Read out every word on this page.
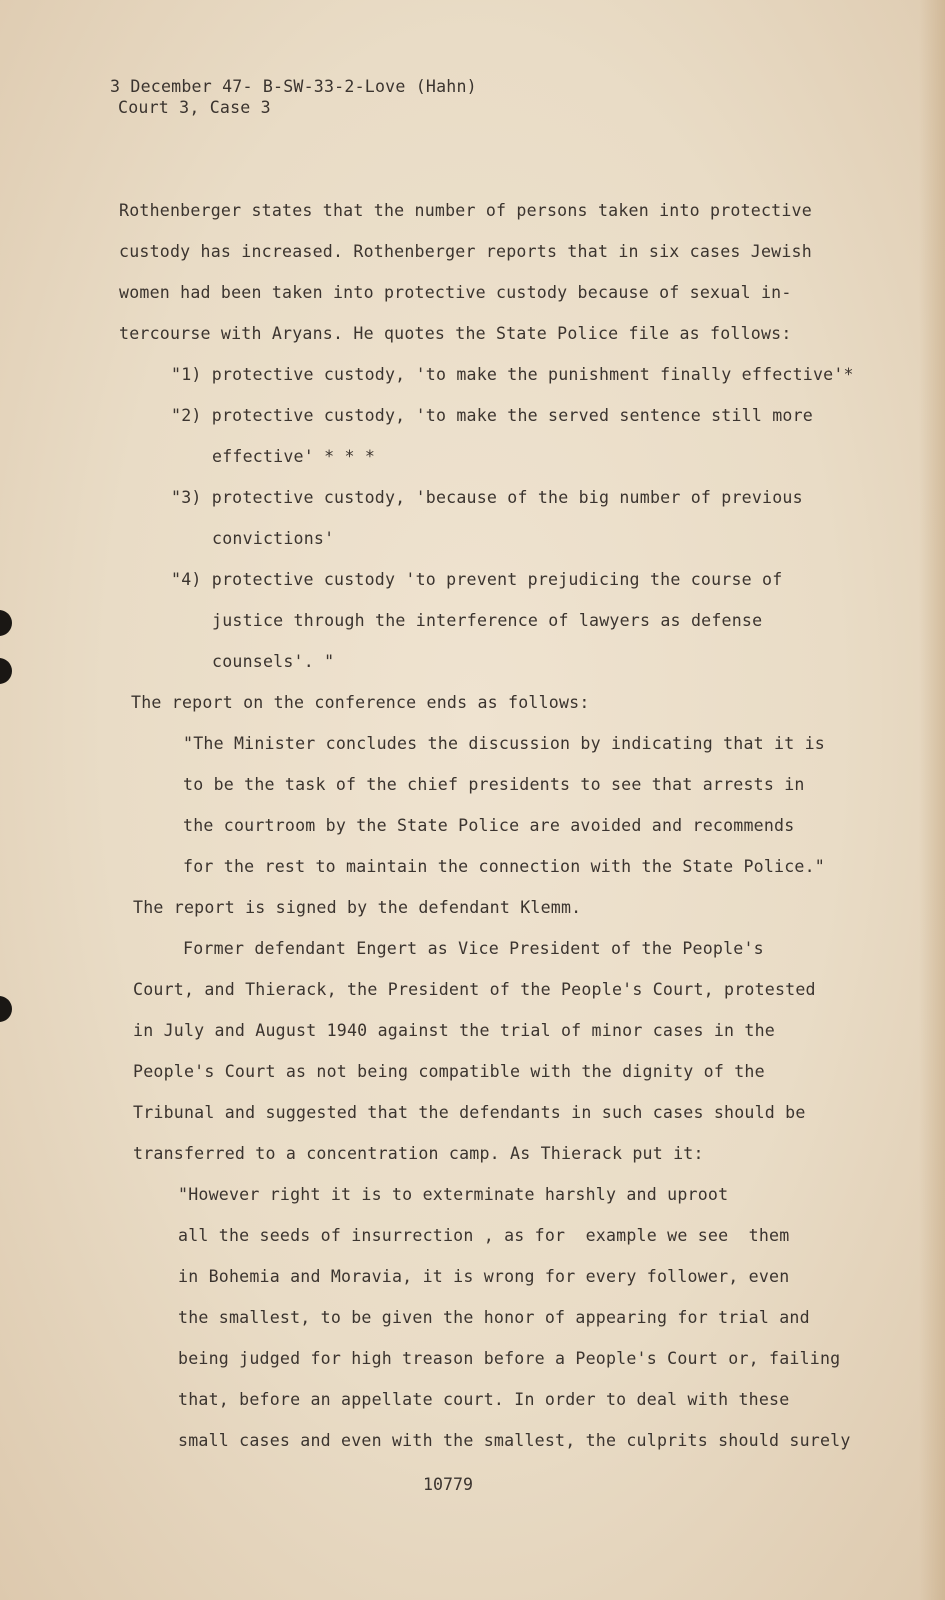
3 December 47- B-SW-33-2-Love (Hahn)
Court 3, Case 3
Rothenberger states that the number of persons taken into protective
custody has increased. Rothenberger reports that in six cases Jewish
women had been taken into protective custody because of sexual in-
tercourse with Aryans. He quotes the State Police file as follows:
"1) protective custody, 'to make the punishment finally effective'*
"2) protective custody, 'to make the served sentence still more
effective' * * *
"3) protective custody, 'because of the big number of previous
convictions'
"4) protective custody 'to prevent prejudicing the course of
justice through the interference of lawyers as defense
counsels'. "
The report on the conference ends as follows:
"The Minister concludes the discussion by indicating that it is
to be the task of the chief presidents to see that arrests in
the courtroom by the State Police are avoided and recommends
for the rest to maintain the connection with the State Police."
The report is signed by the defendant Klemm.
Former defendant Engert as Vice President of the People's
Court, and Thierack, the President of the People's Court, protested
in July and August 1940 against the trial of minor cases in the
People's Court as not being compatible with the dignity of the
Tribunal and suggested that the defendants in such cases should be
transferred to a concentration camp. As Thierack put it:
"However right it is to exterminate harshly and uproot
all the seeds of insurrection , as for  example we see  them
in Bohemia and Moravia, it is wrong for every follower, even
the smallest, to be given the honor of appearing for trial and
being judged for high treason before a People's Court or, failing
that, before an appellate court. In order to deal with these
small cases and even with the smallest, the culprits should surely
10779
